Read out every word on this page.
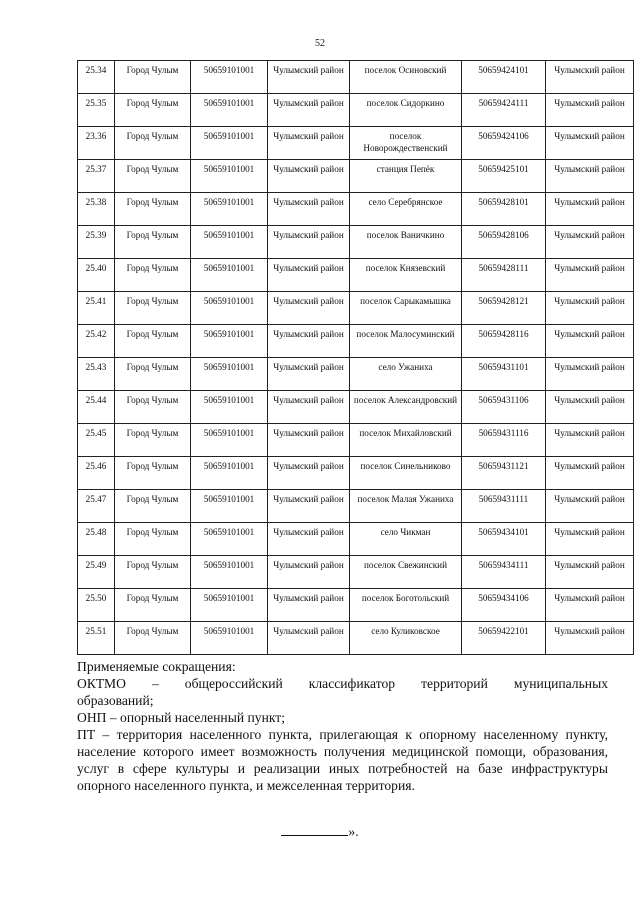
52
25.34	Город Чулым	50659101001	Чулымский район	поселок Осиновский	50659424101	Чулымский район
25.35	Город Чулым	50659101001	Чулымский район	поселок Сидоркино	50659424111	Чулымский район
23.36	Город Чулым	50659101001	Чулымский район	поселок Новорождественский	50659424106	Чулымский район
25.37	Город Чулым	50659101001	Чулымский район	станция Пепёк	50659425101	Чулымский район
25.38	Город Чулым	50659101001	Чулымский район	село Серебрянское	50659428101	Чулымский район
25.39	Город Чулым	50659101001	Чулымский район	поселок Ваничкино	50659428106	Чулымский район
25.40	Город Чулым	50659101001	Чулымский район	поселок Князевский	50659428111	Чулымский район
25.41	Город Чулым	50659101001	Чулымский район	поселок Сарыкамышка	50659428121	Чулымский район
25.42	Город Чулым	50659101001	Чулымский район	поселок Малосуминский	50659428116	Чулымский район
25.43	Город Чулым	50659101001	Чулымский район	село Ужаниха	50659431101	Чулымский район
25.44	Город Чулым	50659101001	Чулымский район	поселок Александровский	50659431106	Чулымский район
25.45	Город Чулым	50659101001	Чулымский район	поселок Михайловский	50659431116	Чулымский район
25.46	Город Чулым	50659101001	Чулымский район	поселок Синельниково	50659431121	Чулымский район
25.47	Город Чулым	50659101001	Чулымский район	поселок Малая Ужаниха	50659431111	Чулымский район
25.48	Город Чулым	50659101001	Чулымский район	село Чикман	50659434101	Чулымский район
25.49	Город Чулым	50659101001	Чулымский район	поселок Свежинский	50659434111	Чулымский район
25.50	Город Чулым	50659101001	Чулымский район	поселок Боготольский	50659434106	Чулымский район
25.51	Город Чулым	50659101001	Чулымский район	село Куликовское	50659422101	Чулымский район

Применяемые сокращения:

ОКТМО – общероссийский классификатор территорий муниципальных

образований;

ОНП – опорный населенный пункт;

ПТ – территория населенного пункта, прилегающая к опорному населенному пункту, население которого имеет возможность получения медицинской помощи, образования, услуг в сфере культуры и реализации иных потребностей на базе инфраструктуры опорного населенного пункта, и межселенная территория.

».
